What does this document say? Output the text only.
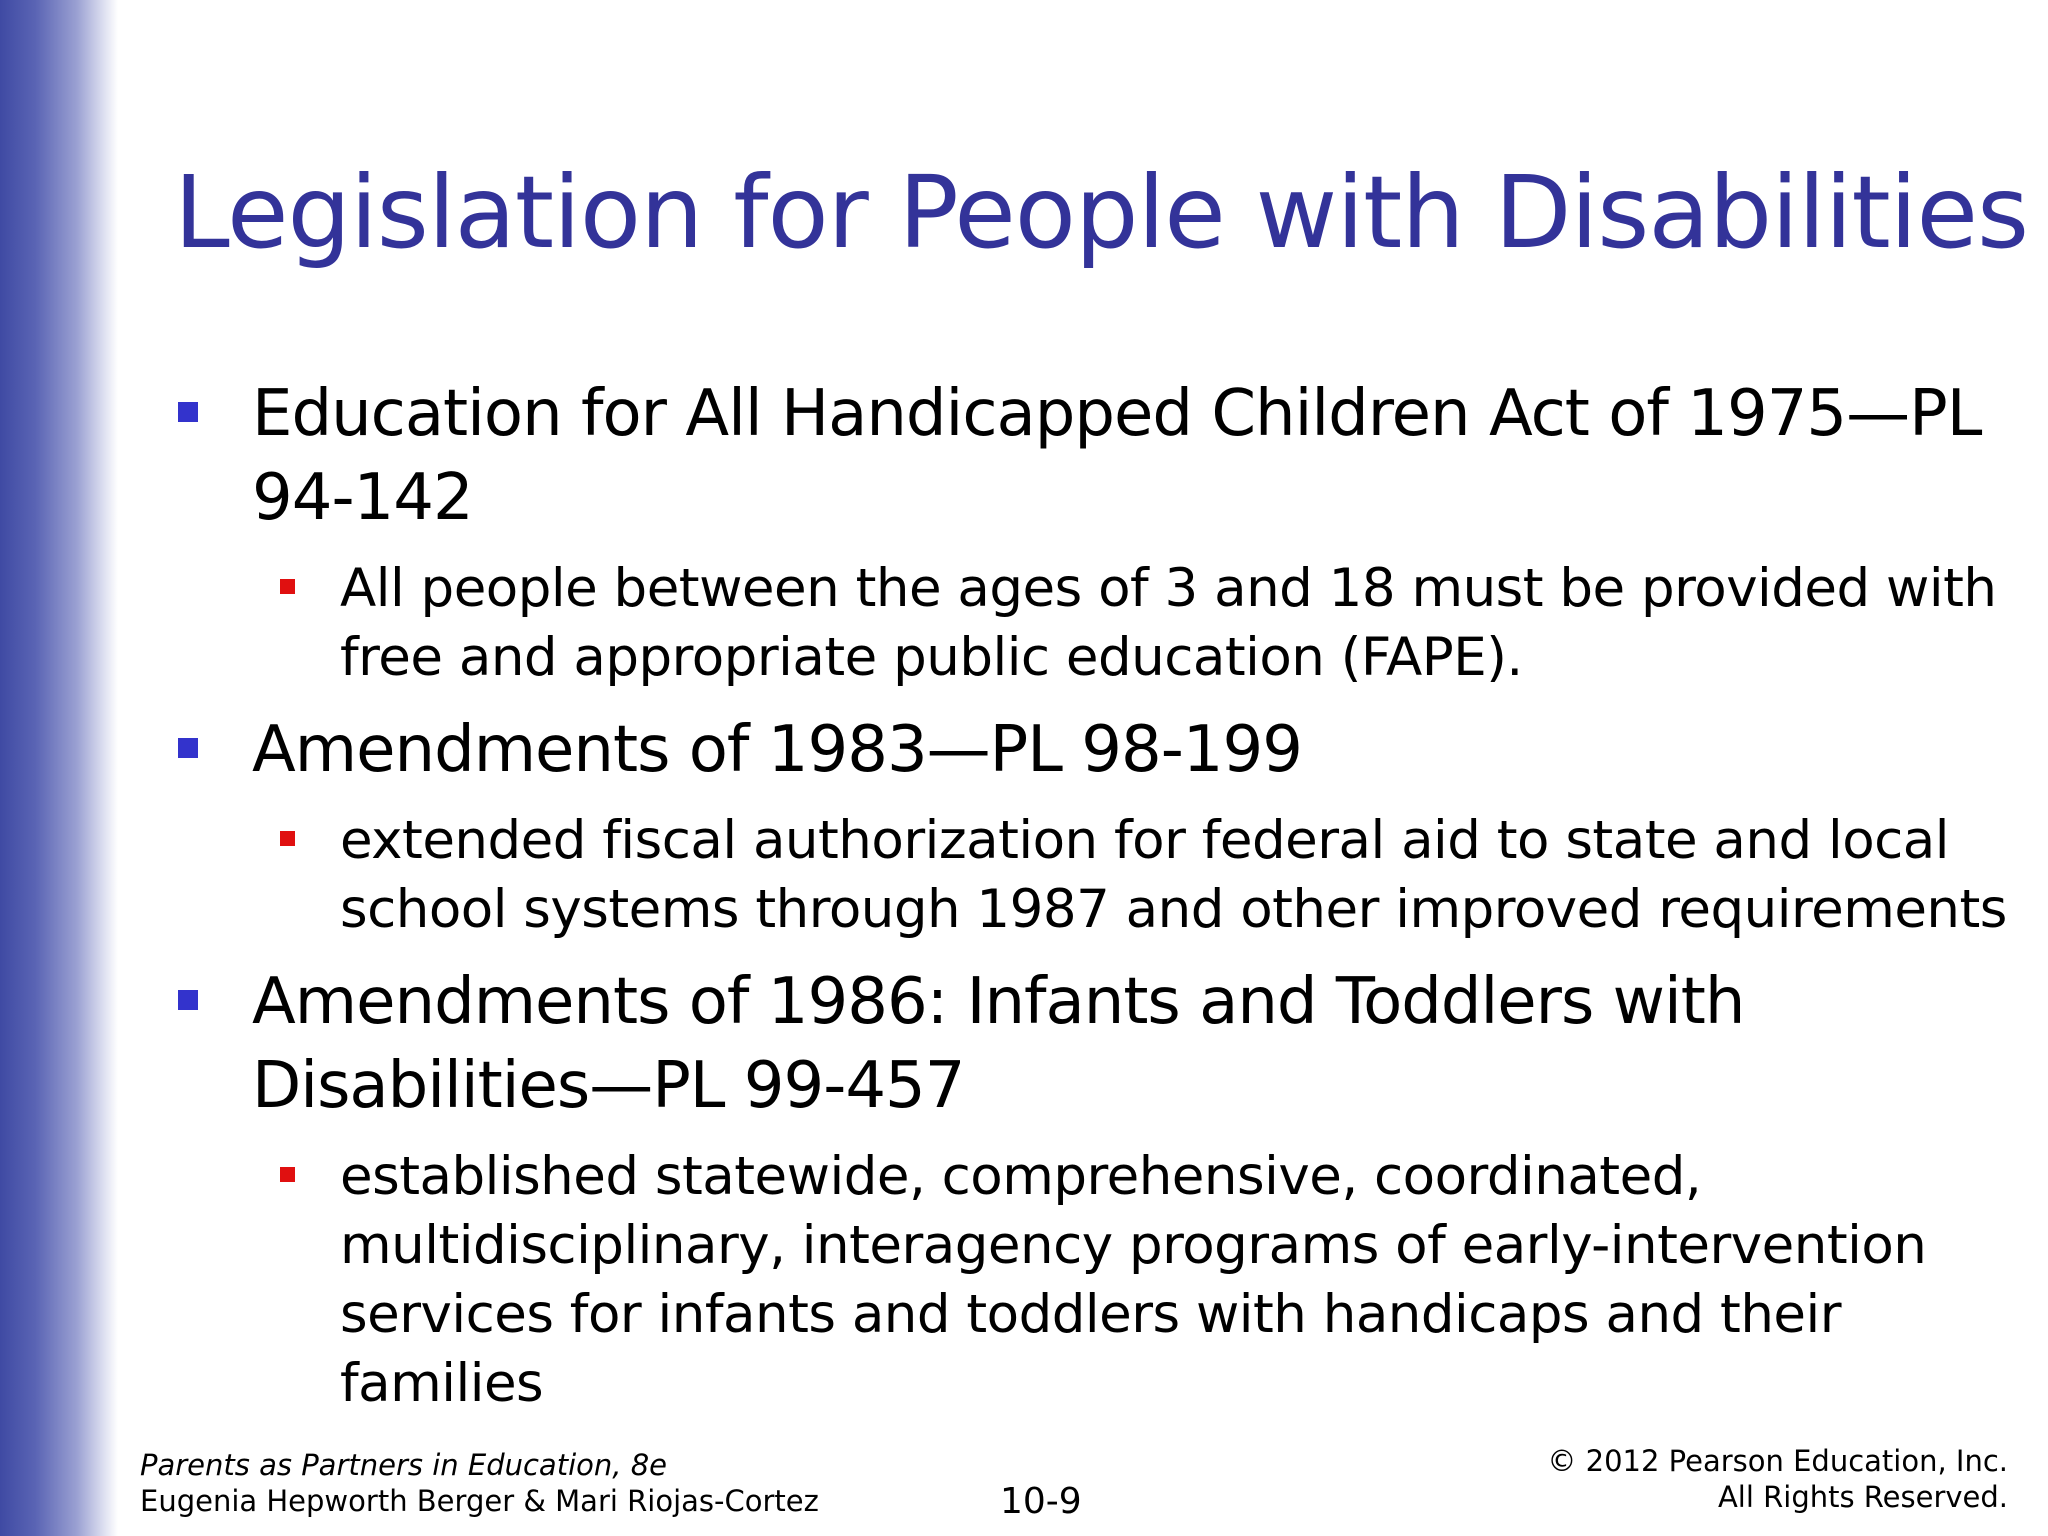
Legislation for People with Disabilities
Education for All Handicapped Children Act of 1975—PL 94-142
All people between the ages of 3 and 18 must be provided with free and appropriate public education (FAPE).
Amendments of 1983—PL 98-199
extended fiscal authorization for federal aid to state and local school systems through 1987 and other improved requirements
Amendments of 1986: Infants and Toddlers with Disabilities—PL 99-457
established statewide, comprehensive, coordinated, multidisciplinary, interagency programs of early-intervention services for infants and toddlers with handicaps and their families
Parents as Partners in Education, 8e
Eugenia Hepworth Berger & Mari Riojas-Cortez	10-9
© 2012 Pearson Education, Inc.
All Rights Reserved.
